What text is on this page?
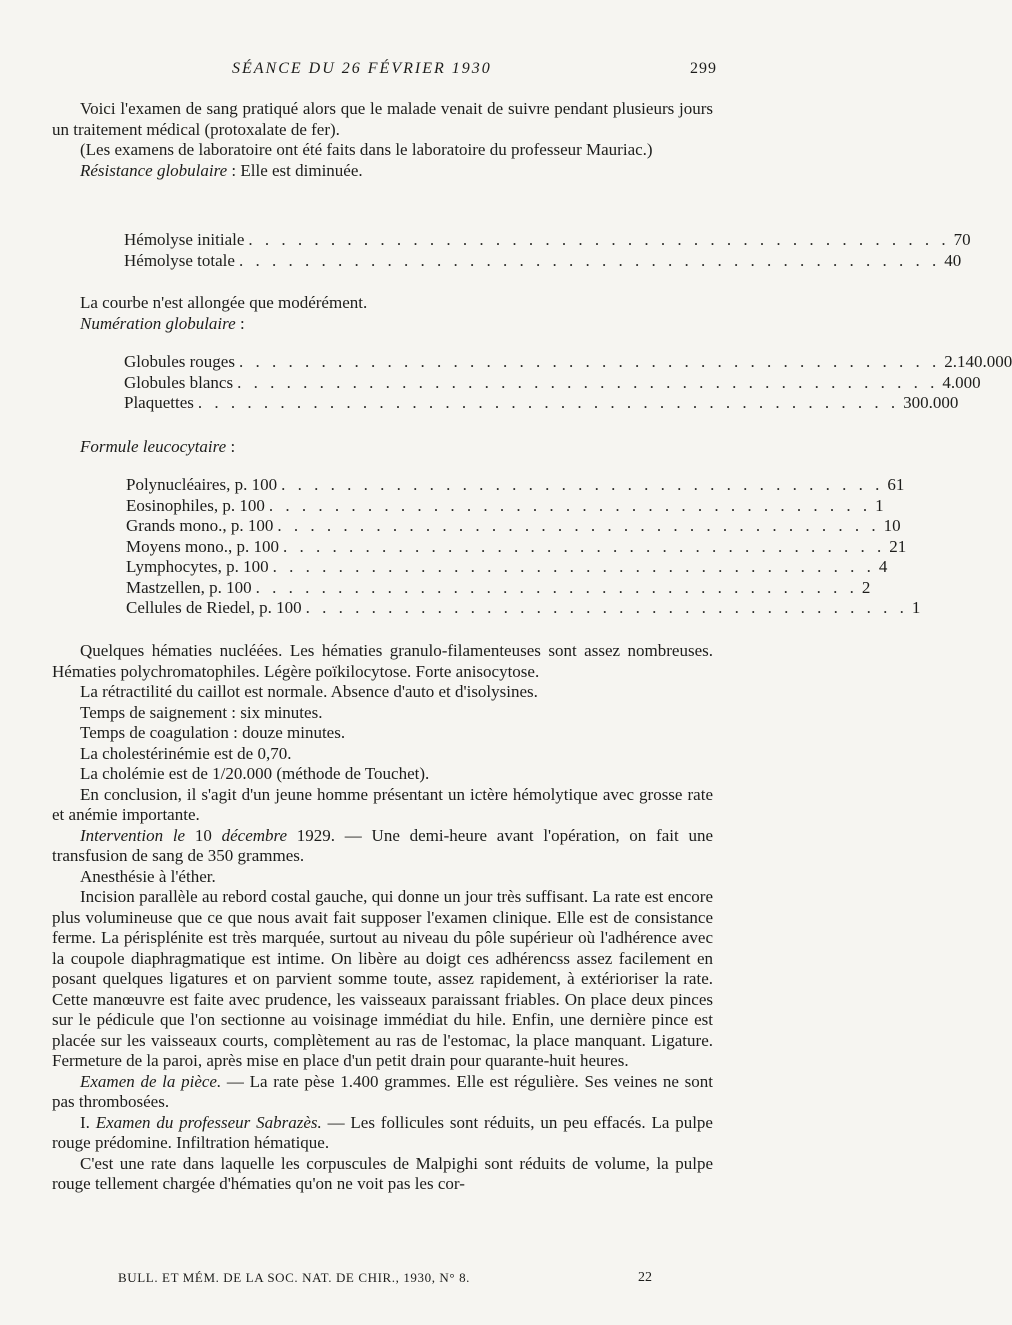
SÉANCE DU 26 FÉVRIER 1930	299

Voici l'examen de sang pratiqué alors que le malade venait de suivre pendant plusieurs jours un traitement médical (protoxalate de fer).

(Les examens de laboratoire ont été faits dans le laboratoire du professeur Mauriac.)

Résistance globulaire : Elle est diminuée.

Hémolyse initiale . . . . . . . . . . . . . . . . . . . . . . . . . . . . . . . . . . . . . . . . . . . 70
Hémolyse totale . . . . . . . . . . . . . . . . . . . . . . . . . . . . . . . . . . . . . . . . . . . 40

La courbe n'est allongée que modérément.

Numération globulaire :

Globules rouges . . . . . . . . . . . . . . . . . . . . . . . . . . . . . . . . . . . . . . . . . . . 2.140.000
Globules blancs . . . . . . . . . . . . . . . . . . . . . . . . . . . . . . . . . . . . . . . . . . . 4.000
Plaquettes . . . . . . . . . . . . . . . . . . . . . . . . . . . . . . . . . . . . . . . . . . . 300.000

Formule leucocytaire :

Polynucléaires, p. 100 . . . . . . . . . . . . . . . . . . . . . . . . . . . . . . . . . . . . . 61
Eosinophiles, p. 100 . . . . . . . . . . . . . . . . . . . . . . . . . . . . . . . . . . . . . 1
Grands mono., p. 100 . . . . . . . . . . . . . . . . . . . . . . . . . . . . . . . . . . . . . 10
Moyens mono., p. 100 . . . . . . . . . . . . . . . . . . . . . . . . . . . . . . . . . . . . . 21
Lymphocytes, p. 100 . . . . . . . . . . . . . . . . . . . . . . . . . . . . . . . . . . . . . 4
Mastzellen, p. 100 . . . . . . . . . . . . . . . . . . . . . . . . . . . . . . . . . . . . . 2
Cellules de Riedel, p. 100 . . . . . . . . . . . . . . . . . . . . . . . . . . . . . . . . . . . . . 1

Quelques hématies nucléées. Les hématies granulo-filamenteuses sont assez nombreuses. Hématies polychromatophiles. Légère poïkilocytose. Forte anisocytose.

La rétractilité du caillot est normale. Absence d'auto et d'isolysines.

Temps de saignement : six minutes.

Temps de coagulation : douze minutes.

La cholestérinémie est de 0,70.

La cholémie est de 1/20.000 (méthode de Touchet).

En conclusion, il s'agit d'un jeune homme présentant un ictère hémolytique avec grosse rate et anémie importante.

Intervention le 10 décembre 1929. — Une demi-heure avant l'opération, on fait une transfusion de sang de 350 grammes.

Anesthésie à l'éther.

Incision parallèle au rebord costal gauche, qui donne un jour très suffisant. La rate est encore plus volumineuse que ce que nous avait fait supposer l'examen clinique. Elle est de consistance ferme. La périsplénite est très marquée, surtout au niveau du pôle supérieur où l'adhérence avec la coupole diaphragmatique est intime. On libère au doigt ces adhérencss assez facilement en posant quelques ligatures et on parvient somme toute, assez rapidement, à extérioriser la rate. Cette manœuvre est faite avec prudence, les vaisseaux paraissant friables. On place deux pinces sur le pédicule que l'on sectionne au voisinage immédiat du hile. Enfin, une dernière pince est placée sur les vaisseaux courts, complètement au ras de l'estomac, la place manquant. Ligature. Fermeture de la paroi, après mise en place d'un petit drain pour quarante-huit heures.

Examen de la pièce. — La rate pèse 1.400 grammes. Elle est régulière. Ses veines ne sont pas thrombosées.

I. Examen du professeur Sabrazès. — Les follicules sont réduits, un peu effacés. La pulpe rouge prédomine. Infiltration hématique.

C'est une rate dans laquelle les corpuscules de Malpighi sont réduits de volume, la pulpe rouge tellement chargée d'hématies qu'on ne voit pas les cor-

BULL. ET MÉM. DE LA SOC. NAT. DE CHIR., 1930, N° 8.	22
